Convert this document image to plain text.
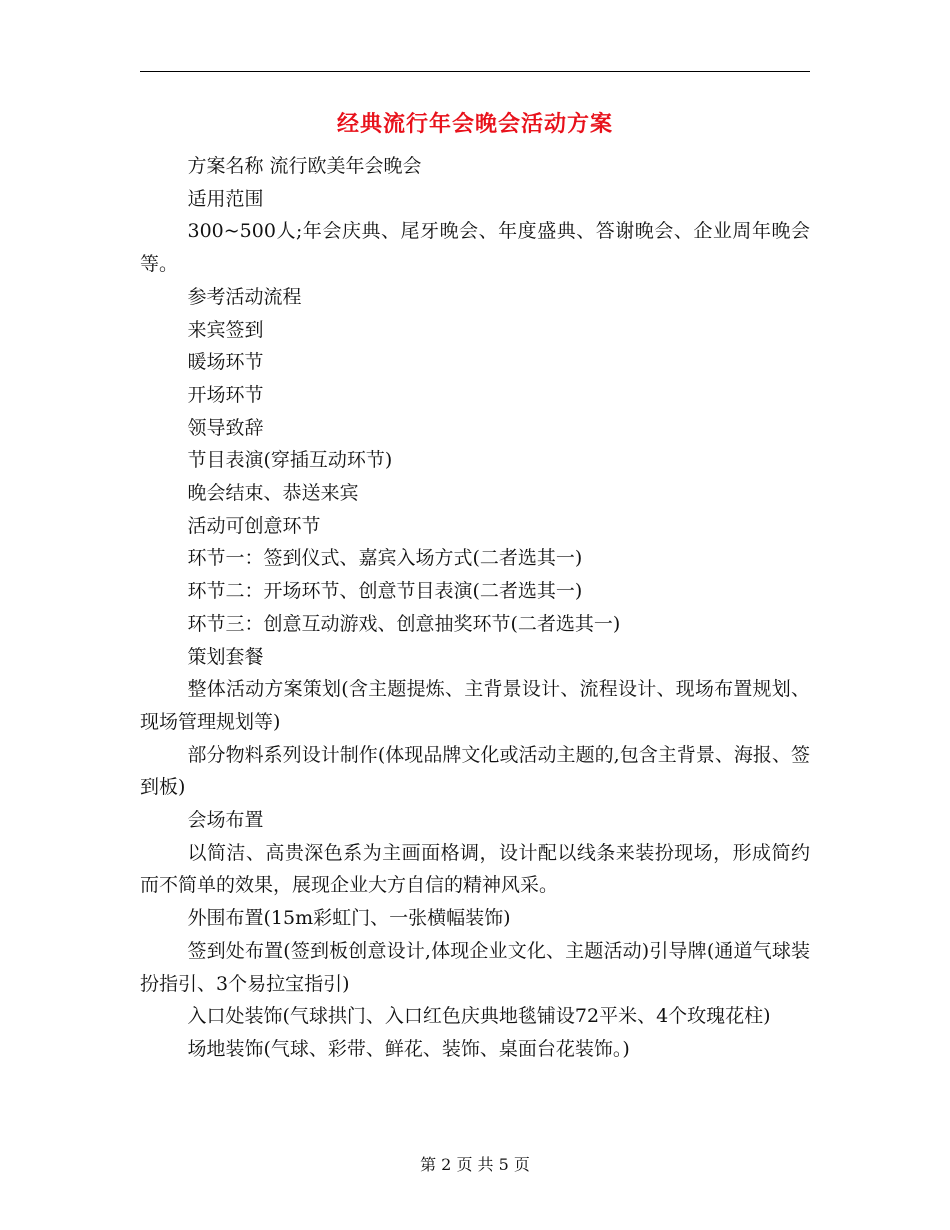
经典流行年会晚会活动方案

方案名称 流行欧美年会晚会

适用范围

300~500人;年会庆典、尾牙晚会、年度盛典、答谢晚会、企业周年晚会等。

参考活动流程

来宾签到

暖场环节

开场环节

领导致辞

节目表演(穿插互动环节)

晚会结束、恭送来宾

活动可创意环节

环节一：签到仪式、嘉宾入场方式(二者选其一)

环节二：开场环节、创意节目表演(二者选其一)

环节三：创意互动游戏、创意抽奖环节(二者选其一)

策划套餐

整体活动方案策划(含主题提炼、主背景设计、流程设计、现场布置规划、现场管理规划等)

部分物料系列设计制作(体现品牌文化或活动主题的,包含主背景、海报、签到板)

会场布置

以简洁、高贵深色系为主画面格调，设计配以线条来装扮现场，形成简约而不简单的效果，展现企业大方自信的精神风采。

外围布置(15m彩虹门、一张横幅装饰)

签到处布置(签到板创意设计,体现企业文化、主题活动)引导牌(通道气球装扮指引、3个易拉宝指引)

入口处装饰(气球拱门、入口红色庆典地毯铺设72平米、4个玫瑰花柱)

场地装饰(气球、彩带、鲜花、装饰、桌面台花装饰。)

第 2 页 共 5 页
